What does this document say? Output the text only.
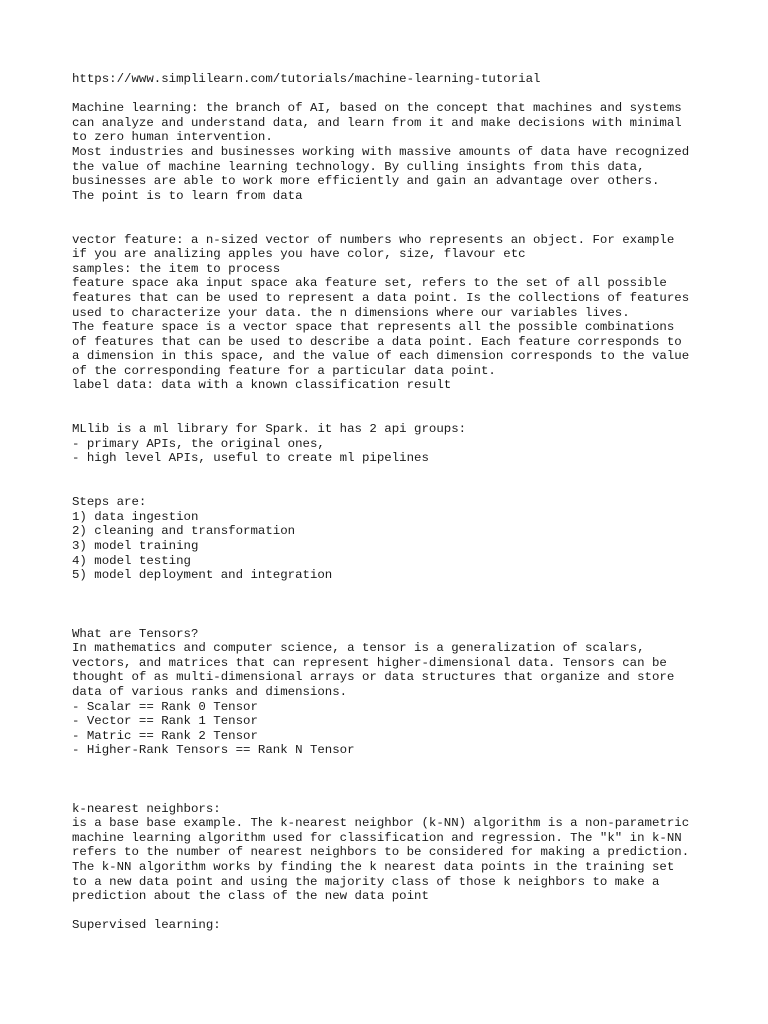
https://www.simplilearn.com/tutorials/machine-learning-tutorial
Machine learning: the branch of AI, based on the concept that machines and systems
can analyze and understand data, and learn from it and make decisions with minimal
to zero human intervention.
Most industries and businesses working with massive amounts of data have recognized
the value of machine learning technology. By culling insights from this data,
businesses are able to work more efficiently and gain an advantage over others.
The point is to learn from data
vector feature: a n-sized vector of numbers who represents an object. For example
if you are analizing apples you have color, size, flavour etc
samples: the item to process
feature space aka input space aka feature set, refers to the set of all possible
features that can be used to represent a data point. Is the collections of features
used to characterize your data. the n dimensions where our variables lives.
The feature space is a vector space that represents all the possible combinations
of features that can be used to describe a data point. Each feature corresponds to
a dimension in this space, and the value of each dimension corresponds to the value
of the corresponding feature for a particular data point.
label data: data with a known classification result
MLlib is a ml library for Spark. it has 2 api groups:
- primary APIs, the original ones,
- high level APIs, useful to create ml pipelines
Steps are:
1) data ingestion
2) cleaning and transformation
3) model training
4) model testing
5) model deployment and integration
What are Tensors?
In mathematics and computer science, a tensor is a generalization of scalars,
vectors, and matrices that can represent higher-dimensional data. Tensors can be
thought of as multi-dimensional arrays or data structures that organize and store
data of various ranks and dimensions.
- Scalar == Rank 0 Tensor
- Vector == Rank 1 Tensor
- Matric == Rank 2 Tensor
- Higher-Rank Tensors == Rank N Tensor
k-nearest neighbors:
is a base base example. The k-nearest neighbor (k-NN) algorithm is a non-parametric
machine learning algorithm used for classification and regression. The "k" in k-NN
refers to the number of nearest neighbors to be considered for making a prediction.
The k-NN algorithm works by finding the k nearest data points in the training set
to a new data point and using the majority class of those k neighbors to make a
prediction about the class of the new data point
Supervised learning:
